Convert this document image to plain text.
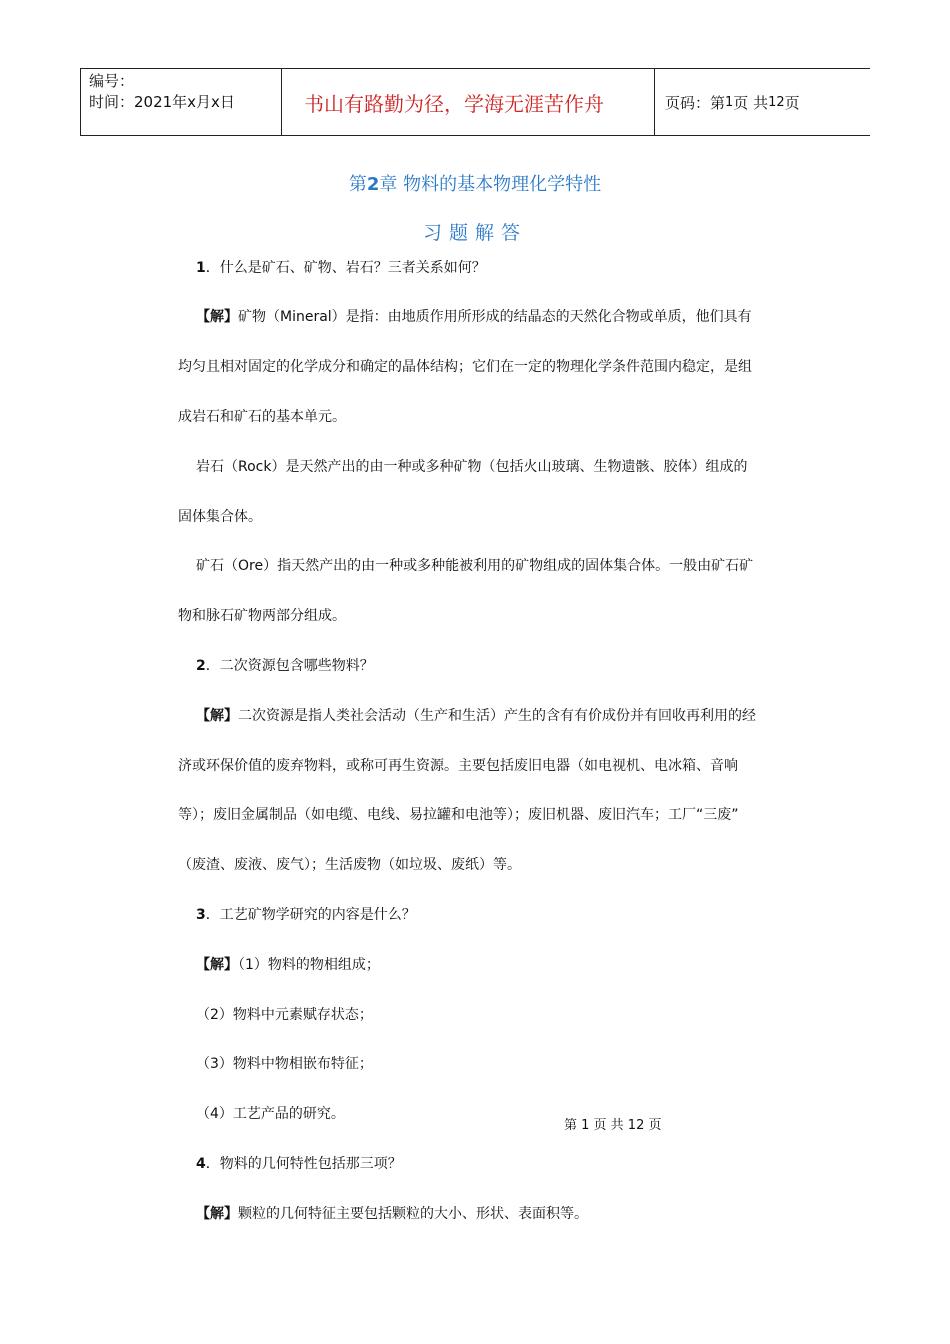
编号：
时间：2021年x月x日	书山有路勤为径，学海无涯苦作舟	页码：第 1 页 共 12 页
第2章 物料的基本物理化学特性
习题解答
1．什么是矿石、矿物、岩石？三者关系如何？
【解】矿物（Mineral）是指：由地质作用所形成的结晶态的天然化合物或单质，他们具有
均匀且相对固定的化学成分和确定的晶体结构；它们在一定的物理化学条件范围内稳定，是组
成岩石和矿石的基本单元。
岩石（Rock）是天然产出的由一种或多种矿物（包括火山玻璃、生物遗骸、胶体）组成的
固体集合体。
矿石（Ore）指天然产出的由一种或多种能被利用的矿物组成的固体集合体。一般由矿石矿
物和脉石矿物两部分组成。
2．二次资源包含哪些物料？
【解】二次资源是指人类社会活动（生产和生活）产生的含有有价成份并有回收再利用的经
济或环保价值的废弃物料，或称可再生资源。主要包括废旧电器（如电视机、电冰箱、音响
等）；废旧金属制品（如电缆、电线、易拉罐和电池等）；废旧机器、废旧汽车；工厂“三废”
（废渣、废液、废气）；生活废物（如垃圾、废纸）等。
3．工艺矿物学研究的内容是什么？
【解】（1）物料的物相组成；
（2）物料中元素赋存状态；
（3）物料中物相嵌布特征；
（4）工艺产品的研究。
第 1 页 共 12 页
4．物料的几何特性包括那三项？
【解】颗粒的几何特征主要包括颗粒的大小、形状、表面积等。
